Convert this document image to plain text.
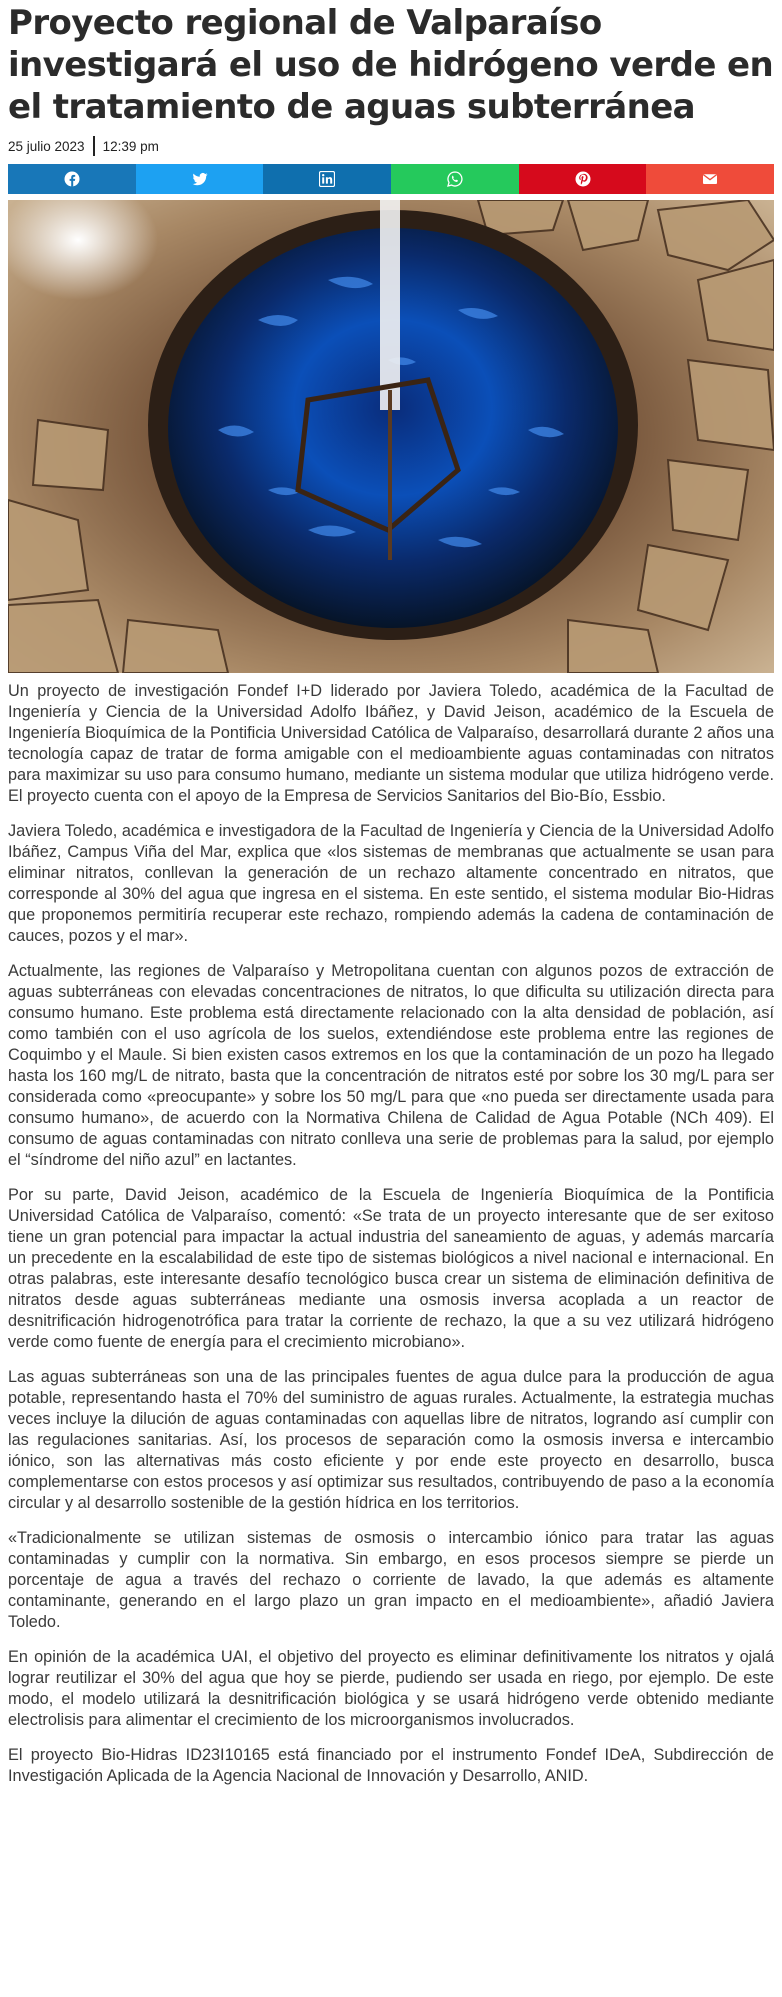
Proyecto regional de Valparaíso investigará el uso de hidrógeno verde en el tratamiento de aguas subterránea
25 julio 2023 12:39 pm

Un proyecto de investigación Fondef I+D liderado por Javiera Toledo, académica de la Facultad de Ingeniería y Ciencia de la Universidad Adolfo Ibáñez, y David Jeison, académico de la Escuela de Ingeniería Bioquímica de la Pontificia Universidad Católica de Valparaíso, desarrollará durante 2 años una tecnología capaz de tratar de forma amigable con el medioambiente aguas contaminadas con nitratos para maximizar su uso para consumo humano, mediante un sistema modular que utiliza hidrógeno verde. El proyecto cuenta con el apoyo de la Empresa de Servicios Sanitarios del Bio-Bío, Essbio.

Javiera Toledo, académica e investigadora de la Facultad de Ingeniería y Ciencia de la Universidad Adolfo Ibáñez, Campus Viña del Mar, explica que «los sistemas de membranas que actualmente se usan para eliminar nitratos, conllevan la generación de un rechazo altamente concentrado en nitratos, que corresponde al 30% del agua que ingresa en el sistema. En este sentido, el sistema modular Bio-Hidras que proponemos permitiría recuperar este rechazo, rompiendo además la cadena de contaminación de cauces, pozos y el mar».

Actualmente, las regiones de Valparaíso y Metropolitana cuentan con algunos pozos de extracción de aguas subterráneas con elevadas concentraciones de nitratos, lo que dificulta su utilización directa para consumo humano. Este problema está directamente relacionado con la alta densidad de población, así como también con el uso agrícola de los suelos, extendiéndose este problema entre las regiones de Coquimbo y el Maule. Si bien existen casos extremos en los que la contaminación de un pozo ha llegado hasta los 160 mg/L de nitrato, basta que la concentración de nitratos esté por sobre los 30 mg/L para ser considerada como «preocupante» y sobre los 50 mg/L para que «no pueda ser directamente usada para consumo humano», de acuerdo con la Normativa Chilena de Calidad de Agua Potable (NCh 409). El consumo de aguas contaminadas con nitrato conlleva una serie de problemas para la salud, por ejemplo el “síndrome del niño azul” en lactantes.

Por su parte, David Jeison, académico de la Escuela de Ingeniería Bioquímica de la Pontificia Universidad Católica de Valparaíso, comentó: «Se trata de un proyecto interesante que de ser exitoso tiene un gran potencial para impactar la actual industria del saneamiento de aguas, y además marcaría un precedente en la escalabilidad de este tipo de sistemas biológicos a nivel nacional e internacional. En otras palabras, este interesante desafío tecnológico busca crear un sistema de eliminación definitiva de nitratos desde aguas subterráneas mediante una osmosis inversa acoplada a un reactor de desnitrificación hidrogenotrófica para tratar la corriente de rechazo, la que a su vez utilizará hidrógeno verde como fuente de energía para el crecimiento microbiano».

Las aguas subterráneas son una de las principales fuentes de agua dulce para la producción de agua potable, representando hasta el 70% del suministro de aguas rurales. Actualmente, la estrategia muchas veces incluye la dilución de aguas contaminadas con aquellas libre de nitratos, logrando así cumplir con las regulaciones sanitarias. Así, los procesos de separación como la osmosis inversa e intercambio iónico, son las alternativas más costo eficiente y por ende este proyecto en desarrollo, busca complementarse con estos procesos y así optimizar sus resultados, contribuyendo de paso a la economía circular y al desarrollo sostenible de la gestión hídrica en los territorios.

«Tradicionalmente se utilizan sistemas de osmosis o intercambio iónico para tratar las aguas contaminadas y cumplir con la normativa. Sin embargo, en esos procesos siempre se pierde un porcentaje de agua a través del rechazo o corriente de lavado, la que además es altamente contaminante, generando en el largo plazo un gran impacto en el medioambiente», añadió Javiera Toledo.

En opinión de la académica UAI, el objetivo del proyecto es eliminar definitivamente los nitratos y ojalá lograr reutilizar el 30% del agua que hoy se pierde, pudiendo ser usada en riego, por ejemplo. De este modo, el modelo utilizará la desnitrificación biológica y se usará hidrógeno verde obtenido mediante electrolisis para alimentar el crecimiento de los microorganismos involucrados.

El proyecto Bio-Hidras ID23I10165 está financiado por el instrumento Fondef IDeA, Subdirección de Investigación Aplicada de la Agencia Nacional de Innovación y Desarrollo, ANID.
